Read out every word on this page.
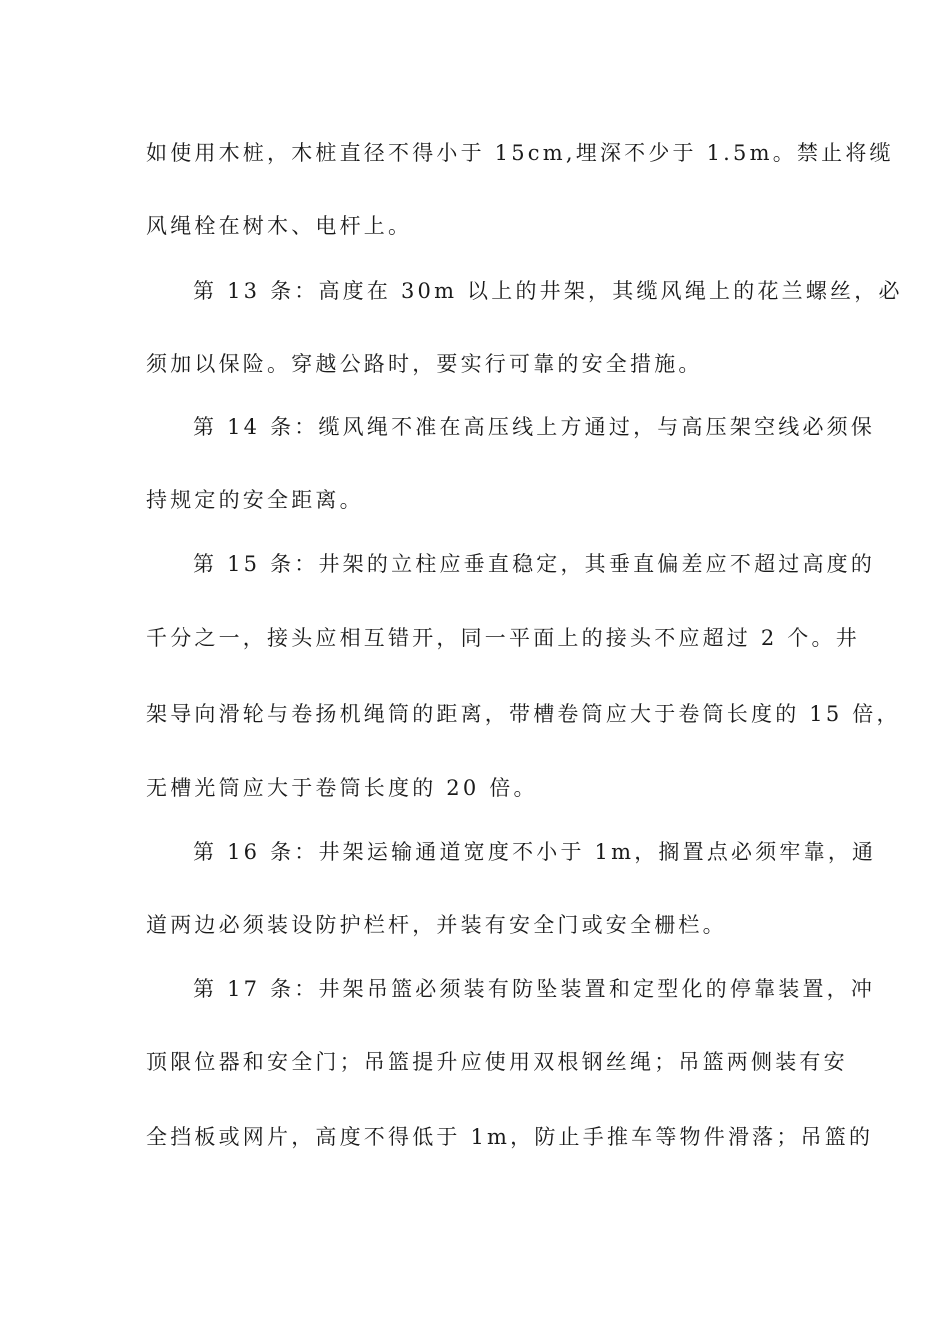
如使用木桩，木桩直径不得小于 15cm,埋深不少于 1.5m。禁止将缆
风绳栓在树木、电杆上。
第 13 条：高度在 30m 以上的井架，其缆风绳上的花兰螺丝，必
须加以保险。穿越公路时，要实行可靠的安全措施。
第 14 条：缆风绳不准在高压线上方通过，与高压架空线必须保
持规定的安全距离。
第 15 条：井架的立柱应垂直稳定，其垂直偏差应不超过高度的
千分之一，接头应相互错开，同一平面上的接头不应超过 2 个。井
架导向滑轮与卷扬机绳筒的距离，带槽卷筒应大于卷筒长度的 15 倍，
无槽光筒应大于卷筒长度的 20 倍。
第 16 条：井架运输通道宽度不小于 1m，搁置点必须牢靠，通
道两边必须装设防护栏杆，并装有安全门或安全栅栏。
第 17 条：井架吊篮必须装有防坠装置和定型化的停靠装置，冲
顶限位器和安全门；吊篮提升应使用双根钢丝绳；吊篮两侧装有安
全挡板或网片，高度不得低于 1m，防止手推车等物件滑落；吊篮的
